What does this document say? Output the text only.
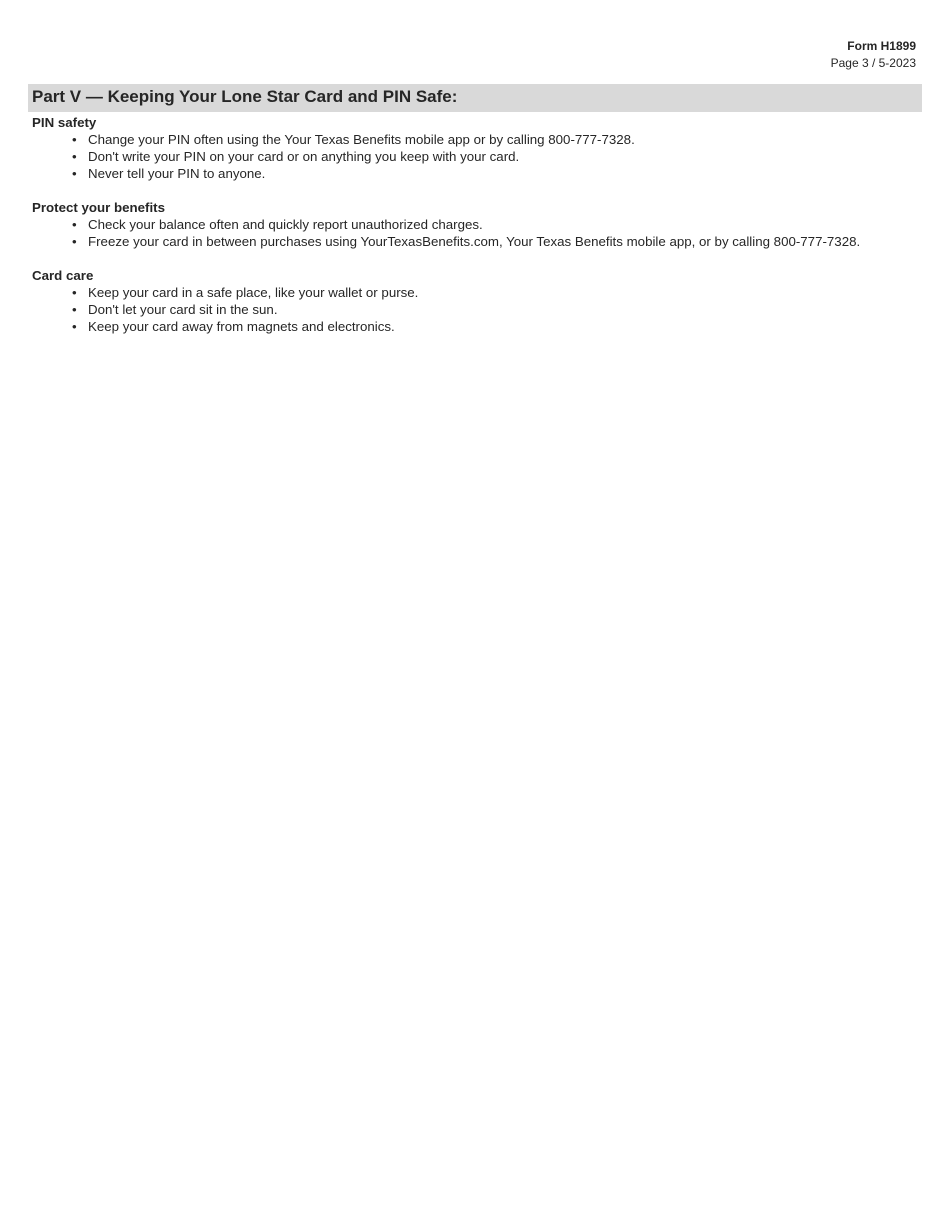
Form H1899
Page 3 / 5-2023
Part V — Keeping Your Lone Star Card and PIN Safe:
PIN safety
• Change your PIN often using the Your Texas Benefits mobile app or by calling 800-777-7328.
• Don't write your PIN on your card or on anything you keep with your card.
• Never tell your PIN to anyone.
Protect your benefits
• Check your balance often and quickly report unauthorized charges.
• Freeze your card in between purchases using YourTexasBenefits.com, Your Texas Benefits mobile app, or by calling 800-777-7328.
Card care
• Keep your card in a safe place, like your wallet or purse.
• Don't let your card sit in the sun.
• Keep your card away from magnets and electronics.
